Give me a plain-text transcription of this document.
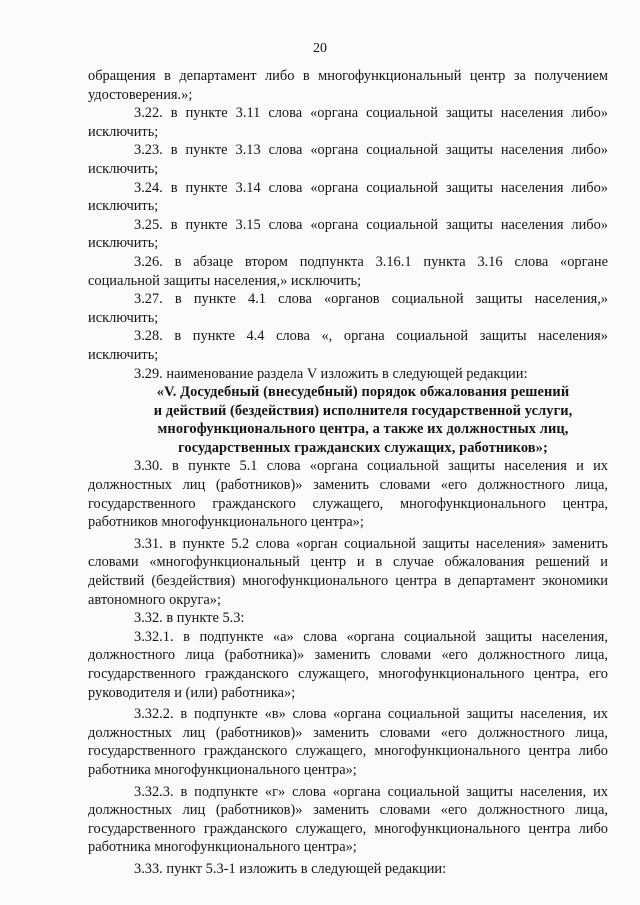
20

обращения в департамент либо в многофункциональный центр за получением удостоверения.»;

3.22. в пункте 3.11 слова «органа социальной защиты населения либо» исключить;

3.23. в пункте 3.13 слова «органа социальной защиты населения либо» исключить;

3.24. в пункте 3.14 слова «органа социальной защиты населения либо» исключить;

3.25. в пункте 3.15 слова «органа социальной защиты населения либо» исключить;

3.26. в абзаце втором подпункта 3.16.1 пункта 3.16 слова «органе социальной защиты населения,» исключить;

3.27. в пункте 4.1 слова «органов социальной защиты населения,» исключить;

3.28. в пункте 4.4 слова «, органа социальной защиты населения» исключить;

3.29. наименование раздела V изложить в следующей редакции:

«V. Досудебный (внесудебный) порядок обжалования решений

и действий (бездействия) исполнителя государственной услуги,

многофункционального центра, а также их должностных лиц,

государственных гражданских служащих, работников»;

3.30. в пункте 5.1 слова «органа социальной защиты населения и их должностных лиц (работников)» заменить словами «его должностного лица, государственного гражданского служащего, многофункционального центра, работников многофункционального центра»;

3.31. в пункте 5.2 слова «орган социальной защиты населения» заменить словами «многофункциональный центр и в случае обжалования решений и действий (бездействия) многофункционального центра в департамент экономики автономного округа»;

3.32. в пункте 5.3:

3.32.1. в подпункте «а» слова «органа социальной защиты населения, должностного лица (работника)» заменить словами «его должностного лица, государственного гражданского служащего, многофункционального центра, его руководителя и (или) работника»;

3.32.2. в подпункте «в» слова «органа социальной защиты населения, их должностных лиц (работников)» заменить словами «его должностного лица, государственного гражданского служащего, многофункционального центра либо работника многофункционального центра»;

3.32.3. в подпункте «г» слова «органа социальной защиты населения, их должностных лиц (работников)» заменить словами «его должностного лица, государственного гражданского служащего, многофункционального центра либо работника многофункционального центра»;

3.33. пункт 5.3-1 изложить в следующей редакции:
